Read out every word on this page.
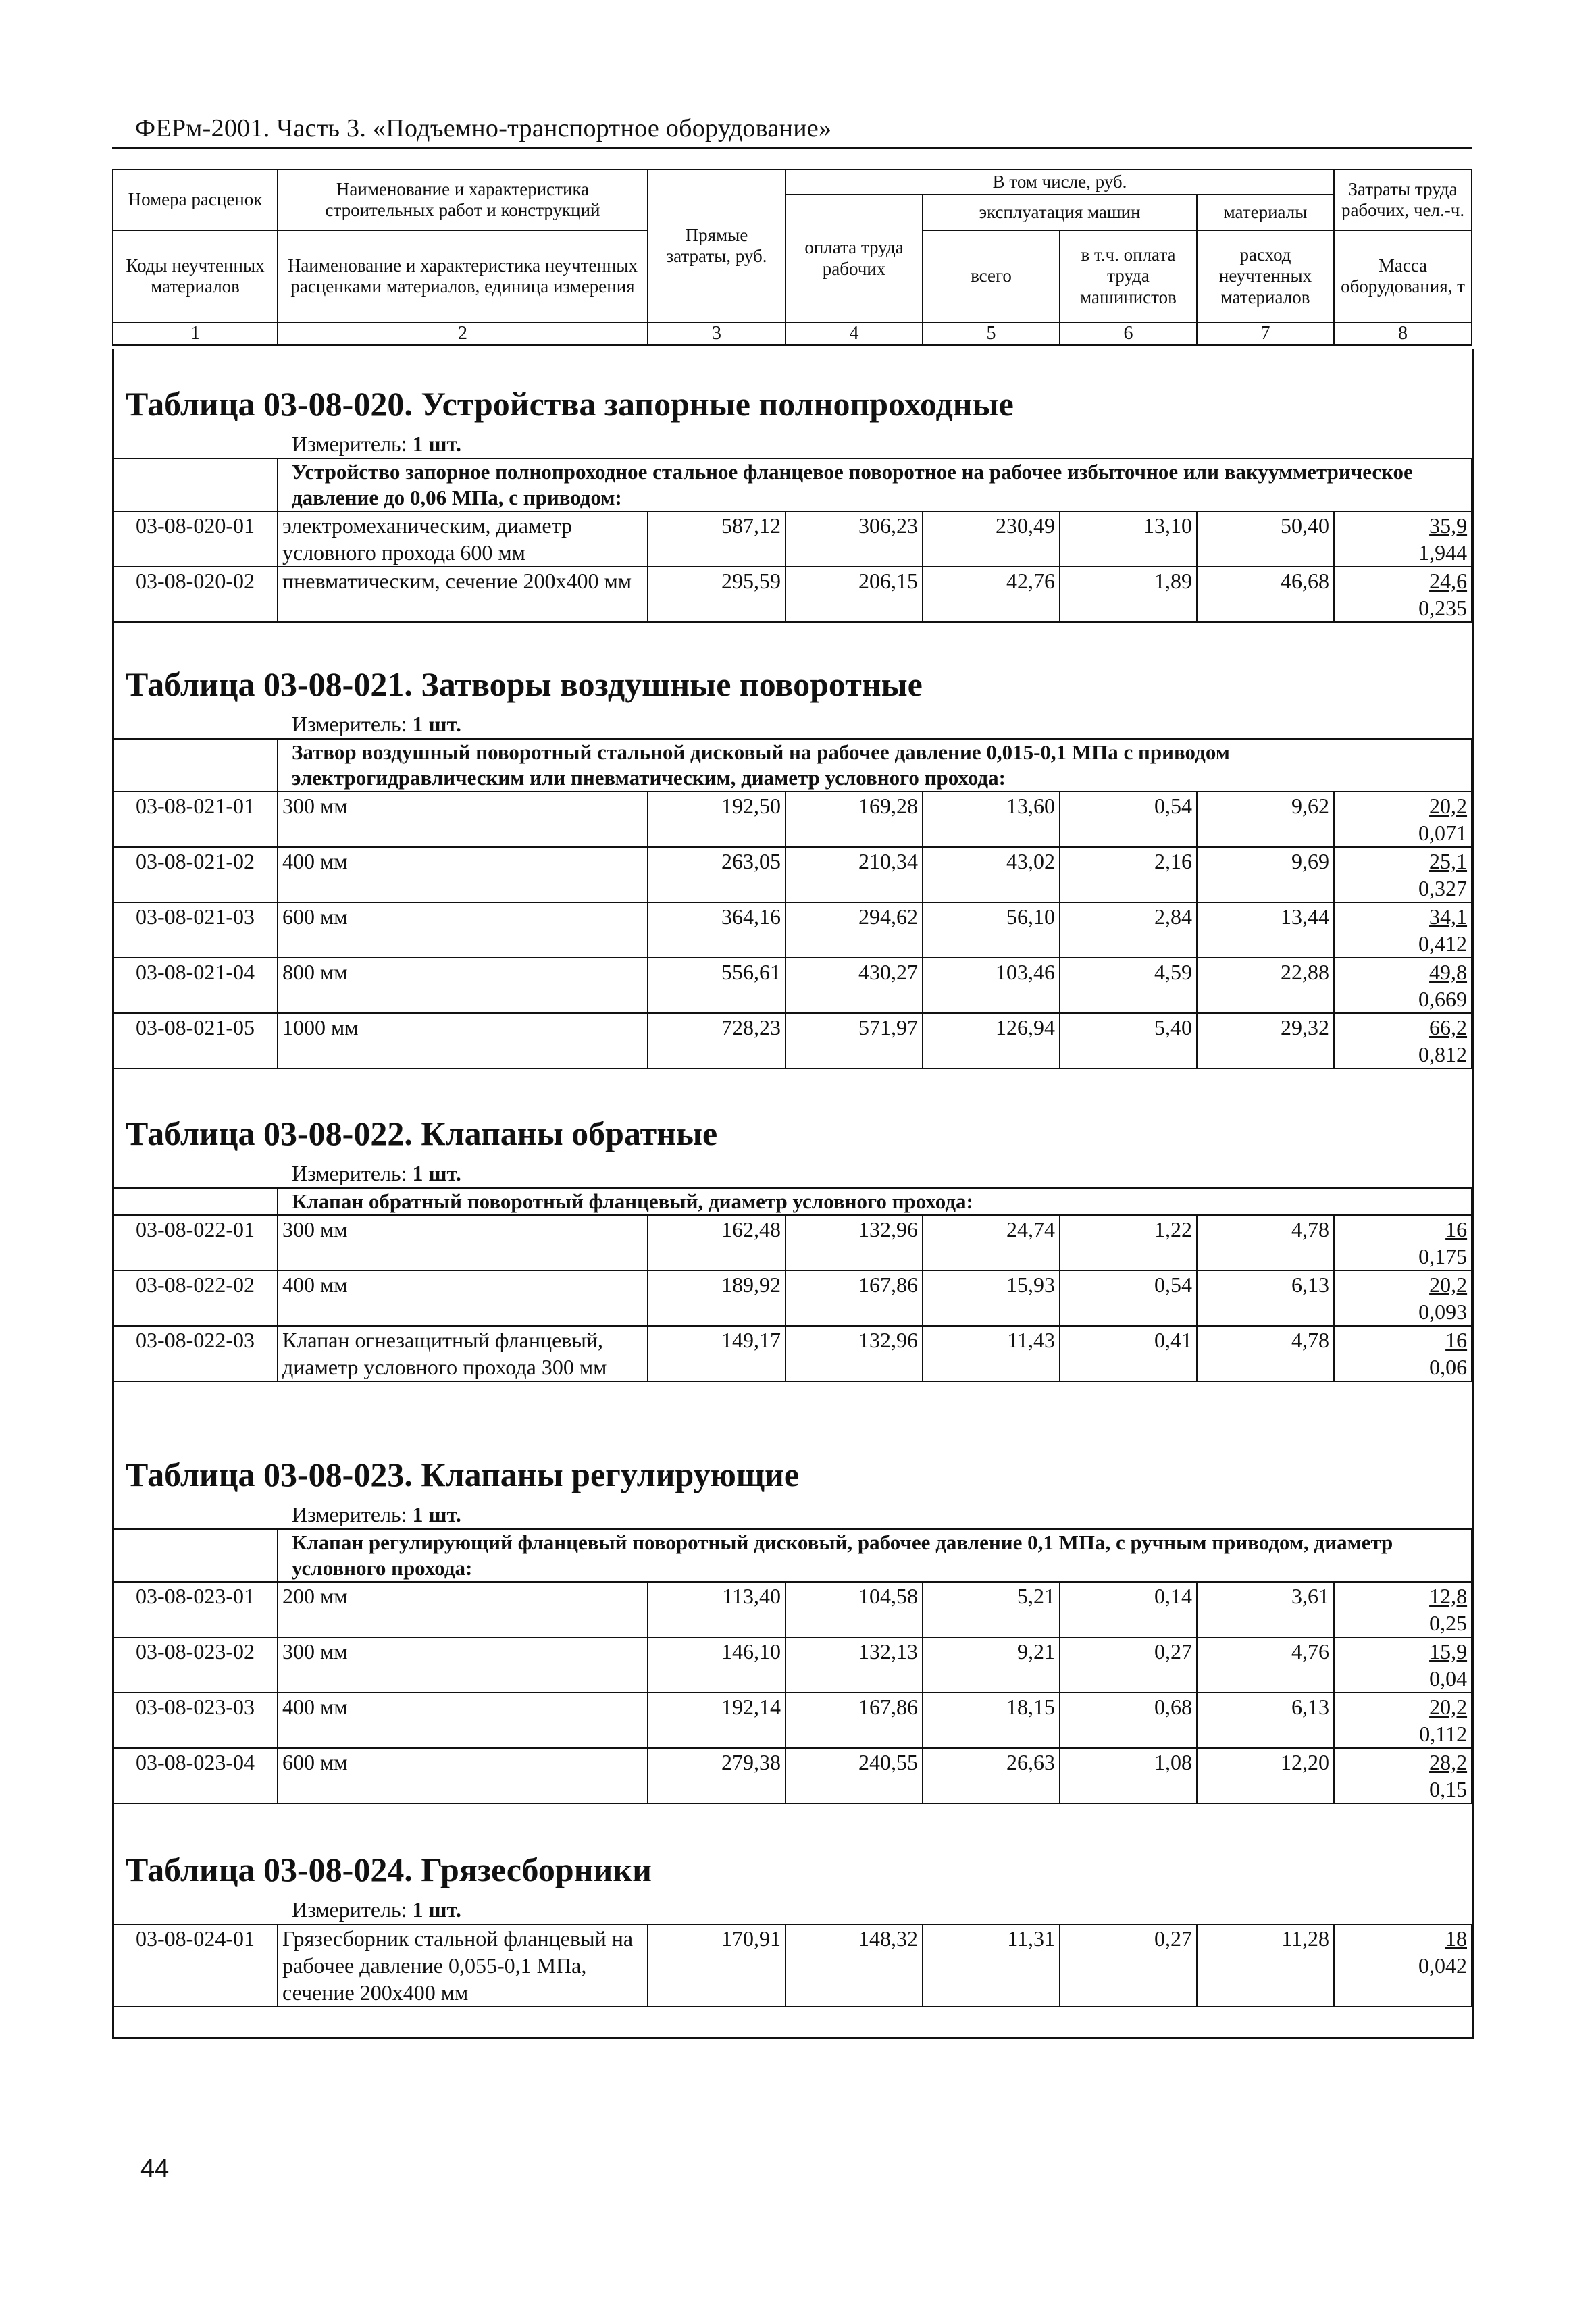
ФЕРм-2001. Часть 3. «Подъемно-транспортное оборудование»
Номера расценок	Наименование и характеристика строительных работ и конструкций	Прямые затраты, руб.	В том числе, руб.				Затраты труда рабочих, чел.-ч.
			оплата труда рабочих	эксплуатация машин		материалы	
Коды неучтенных материалов	Наименование и характеристика неучтенных расценками материалов, единица измерения			всего	в т.ч. оплата труда машинистов	расход неучтенных материалов	
							Масса оборудования, т
1	2	3	4	5	6	7	8
Таблица 03-08-020. Устройства запорные полнопроходные
Измеритель: 1 шт.
	Устройство запорное полнопроходное стальное фланцевое поворотное на рабочее избыточное или вакуумметрическое давление до 0,06 МПа, с приводом:						
03-08-020-01	электромеханическим, диаметр условного прохода 600 мм	587,12	306,23	230,49	13,10	50,40	35,9
1,944

03-08-020-02	пневматическим, сечение 200х400 мм	295,59	206,15	42,76	1,89	46,68	24,6
0,235
Таблица 03-08-021. Затворы воздушные поворотные
Измеритель: 1 шт.
	Затвор воздушный поворотный стальной дисковый на рабочее давление 0,015-0,1 МПа с приводом электрогидравлическим или пневматическим, диаметр условного прохода:						
03-08-021-01	300 мм	192,50	169,28	13,60	0,54	9,62	20,2
0,071

03-08-021-02	400 мм	263,05	210,34	43,02	2,16	9,69	25,1
0,327

03-08-021-03	600 мм	364,16	294,62	56,10	2,84	13,44	34,1
0,412

03-08-021-04	800 мм	556,61	430,27	103,46	4,59	22,88	49,8
0,669

03-08-021-05	1000 мм	728,23	571,97	126,94	5,40	29,32	66,2
0,812
Таблица 03-08-022. Клапаны обратные
Измеритель: 1 шт.
	Клапан обратный поворотный фланцевый, диаметр условного прохода:						
03-08-022-01	300 мм	162,48	132,96	24,74	1,22	4,78	16
0,175

03-08-022-02	400 мм	189,92	167,86	15,93	0,54	6,13	20,2
0,093

03-08-022-03	Клапан огнезащитный фланцевый, диаметр условного прохода 300 мм	149,17	132,96	11,43	0,41	4,78	16
0,06
Таблица 03-08-023. Клапаны регулирующие
Измеритель: 1 шт.
	Клапан регулирующий фланцевый поворотный дисковый, рабочее давление 0,1 МПа, с ручным приводом, диаметр условного прохода:						
03-08-023-01	200 мм	113,40	104,58	5,21	0,14	3,61	12,8
0,25

03-08-023-02	300 мм	146,10	132,13	9,21	0,27	4,76	15,9
0,04

03-08-023-03	400 мм	192,14	167,86	18,15	0,68	6,13	20,2
0,112

03-08-023-04	600 мм	279,38	240,55	26,63	1,08	12,20	28,2
0,15
Таблица 03-08-024. Грязесборники
Измеритель: 1 шт.
03-08-024-01	Грязесборник стальной фланцевый на рабочее давление 0,055-0,1 МПа, сечение 200х400 мм	170,91	148,32	11,31	0,27	11,28	18
0,042
44
